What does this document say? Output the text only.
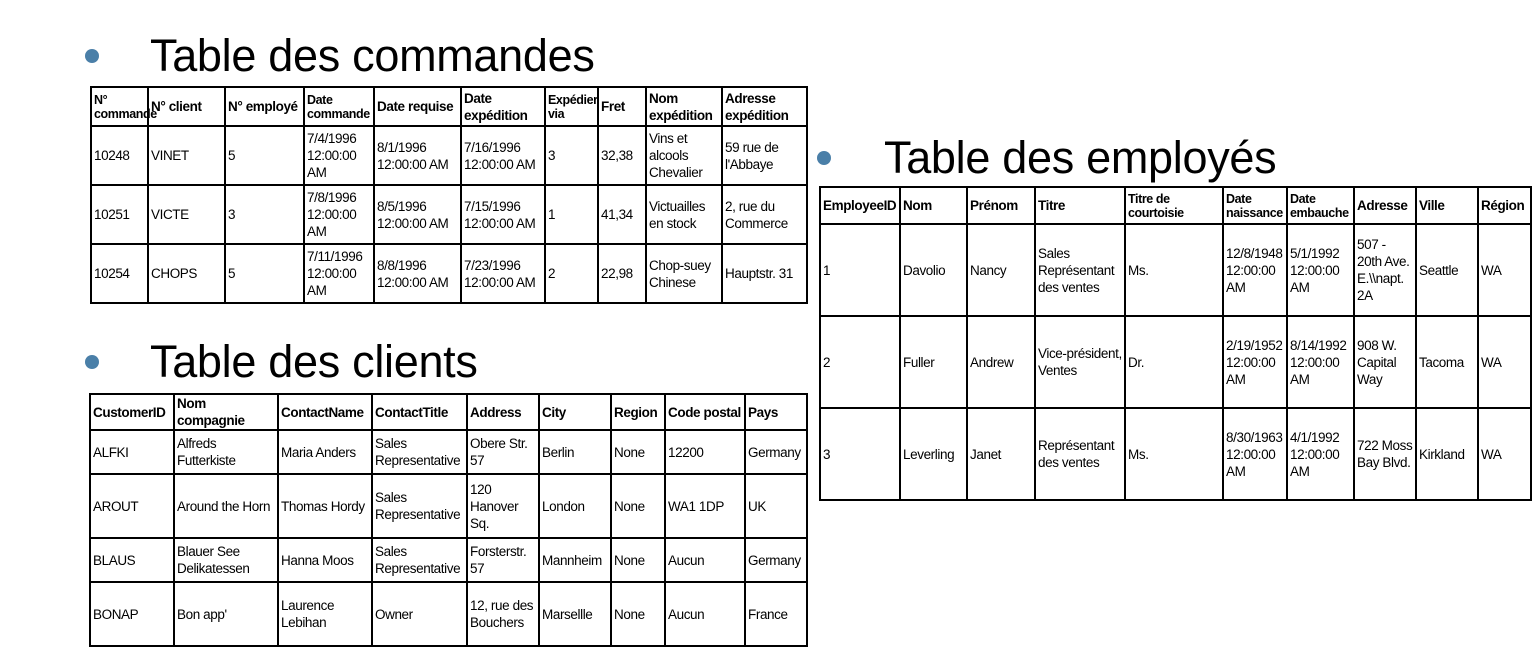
Table des commandes
N° commande	N° client	N° employé	Date commande	Date requise	Date expédition	Expédier via	Fret	Nom expédition	Adresse expédition
10248	VINET	5	7/4/1996 12:00:00 AM	8/1/1996 12:00:00 AM	7/16/1996 12:00:00 AM	3	32,38	Vins et alcools Chevalier	59 rue de l'Abbaye
10251	VICTE	3	7/8/1996 12:00:00 AM	8/5/1996 12:00:00 AM	7/15/1996 12:00:00 AM	1	41,34	Victuailles en stock	2, rue du Commerce
10254	CHOPS	5	7/11/1996 12:00:00 AM	8/8/1996 12:00:00 AM	7/23/1996 12:00:00 AM	2	22,98	Chop-suey Chinese	Hauptstr. 31
Table des clients
CustomerID	Nom compagnie	ContactName	ContactTitle	Address	City	Region	Code postal	Pays
ALFKI	Alfreds Futterkiste	Maria Anders	Sales Representative	Obere Str. 57	Berlin	None	12200	Germany
AROUT	Around the Horn	Thomas Hordy	Sales Representative	120 Hanover Sq.	London	None	WA1 1DP	UK
BLAUS	Blauer See Delikatessen	Hanna Moos	Sales Representative	Forsterstr. 57	Mannheim	None	Aucun	Germany
BONAP	Bon app'	Laurence Lebihan	Owner	12, rue des Bouchers	Marsellle	None	Aucun	France
Table des employés
EmployeeID	Nom	Prénom	Titre	Titre de courtoisie	Date naissance	Date embauche	Adresse	Ville	Région
1	Davolio	Nancy	Sales Représentant des ventes	Ms.	12/8/1948 12:00:00 AM	5/1/1992 12:00:00 AM	507 - 20th Ave. E.\\napt. 2A	Seattle	WA
2	Fuller	Andrew	Vice-président, Ventes	Dr.	2/19/1952 12:00:00 AM	8/14/1992 12:00:00 AM	908 W. Capital Way	Tacoma	WA
3	Leverling	Janet	Représentant des ventes	Ms.	8/30/1963 12:00:00 AM	4/1/1992 12:00:00 AM	722 Moss Bay Blvd.	Kirkland	WA
